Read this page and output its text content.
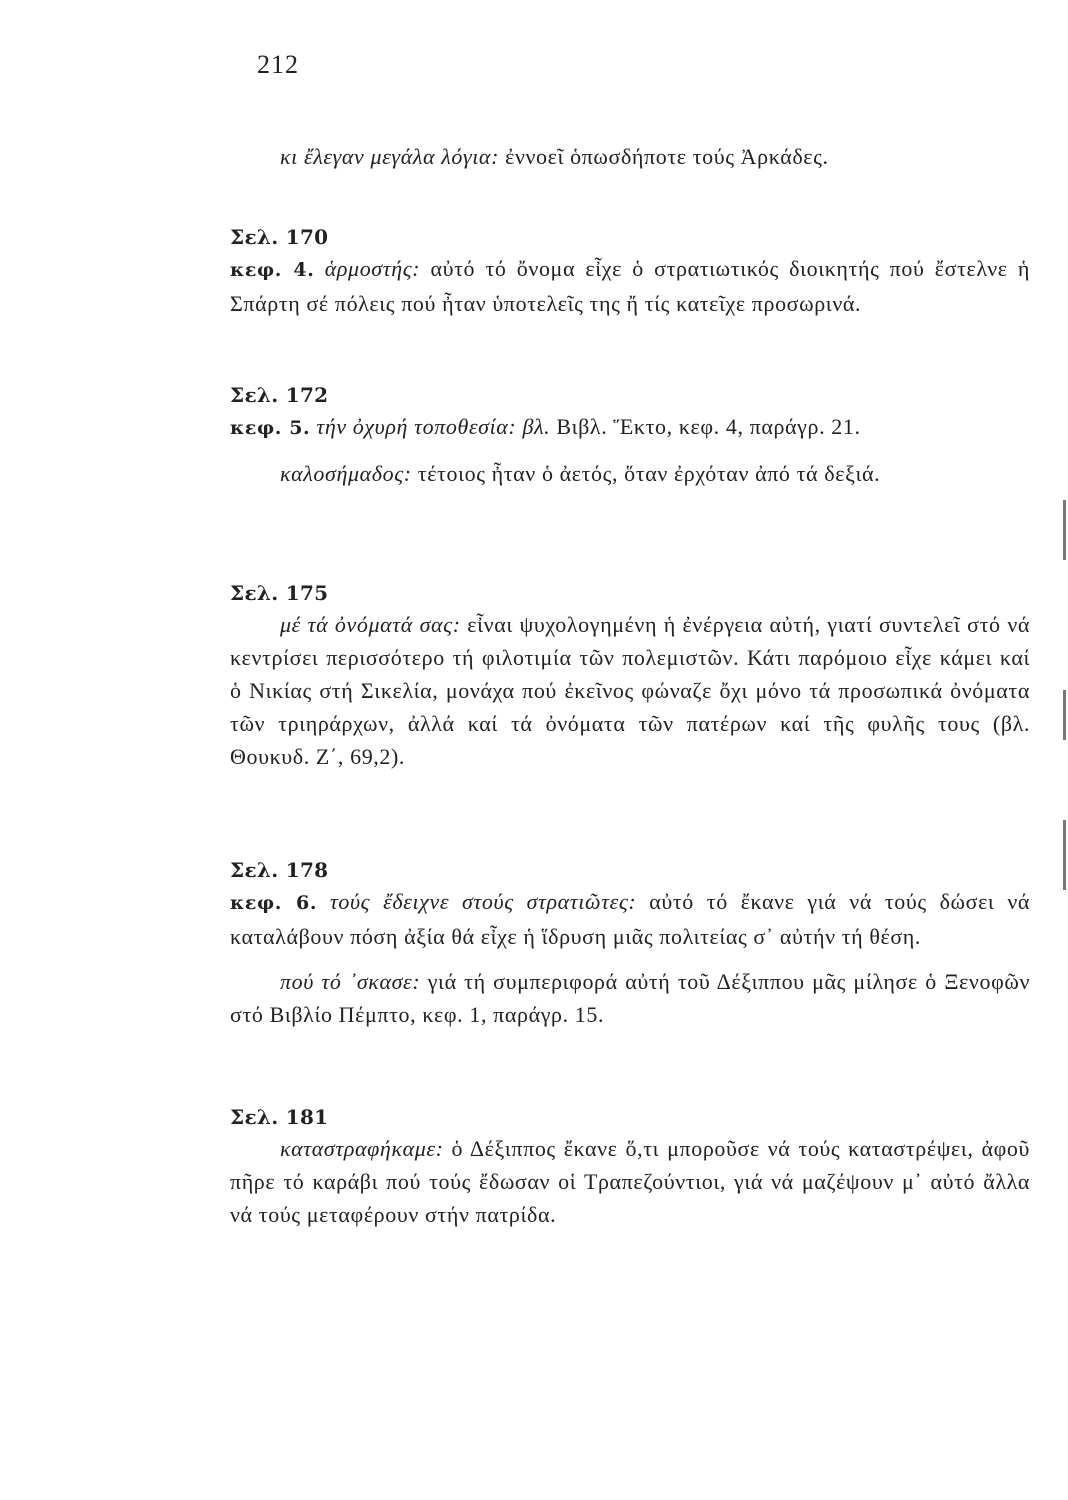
212

κι ἔλεγαν μεγάλα λόγια: ἐννοεῖ ὁπωσδήποτε τούς Ἀρκάδες.

Σελ. 170

κεφ. 4. ἁρμοστής: αὐτό τό ὄνομα εἶχε ὁ στρατιωτικός διοικητής πού ἔστελνε ἡ Σπάρτη σέ πόλεις πού ἦταν ὑποτελεῖς της ἤ τίς κατεῖχε προσωρινά.

Σελ. 172

κεφ. 5. τήν ὀχυρή τοποθεσία: βλ. Βιβλ. Ἕκτο, κεφ. 4, παράγρ. 21.

καλοσήμαδος: τέτοιος ἦταν ὁ ἀετός, ὅταν ἐρχόταν ἀπό τά δεξιά.

Σελ. 175

μέ τά ὀνόματά σας: εἶναι ψυχολογημένη ἡ ἐνέργεια αὐτή, γιατί συντελεῖ στό νά κεντρίσει περισσότερο τή φιλοτιμία τῶν πολεμιστῶν. Κάτι παρόμοιο εἶχε κάμει καί ὁ Νικίας στή Σικελία, μονάχα πού ἐκεῖνος φώναζε ὄχι μόνο τά προσωπικά ὀνόματα τῶν τριηράρχων, ἀλλά καί τά ὀνόματα τῶν πατέρων καί τῆς φυλῆς τους (βλ. Θουκυδ. Ζ΄, 69,2).

Σελ. 178

κεφ. 6. τούς ἔδειχνε στούς στρατιῶτες: αὐτό τό ἔκανε γιά νά τούς δώσει νά καταλάβουν πόση ἀξία θά εἶχε ἡ ἵδρυση μιᾶς πολιτείας σ᾽ αὐτήν τή θέση.

πού τό ᾽σκασε: γιά τή συμπεριφορά αὐτή τοῦ Δέξιππου μᾶς μίλησε ὁ Ξενοφῶν στό Βιβλίο Πέμπτο, κεφ. 1, παράγρ. 15.

Σελ. 181

καταστραφήκαμε: ὁ Δέξιππος ἔκανε ὅ,τι μποροῦσε νά τούς καταστρέψει, ἀφοῦ πῆρε τό καράβι πού τούς ἔδωσαν οἱ Τραπεζούντιοι, γιά νά μαζέψουν μ᾽ αὐτό ἄλλα νά τούς μεταφέρουν στήν πατρίδα.
